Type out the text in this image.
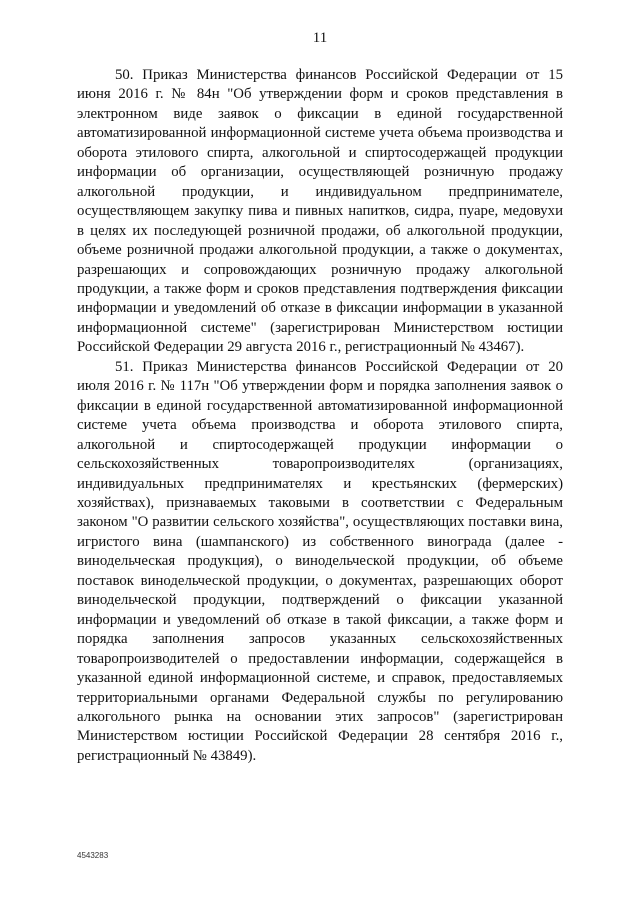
11

50. Приказ Министерства финансов Российской Федерации от 15 июня 2016 г. № 84н "Об утверждении форм и сроков представления в электронном виде заявок о фиксации в единой государственной автоматизированной информационной системе учета объема производства и оборота этилового спирта, алкогольной и спиртосодержащей продукции информации об организации, осуществляющей розничную продажу алкогольной продукции, и индивидуальном предпринимателе, осуществляющем закупку пива и пивных напитков, сидра, пуаре, медовухи в целях их последующей розничной продажи, об алкогольной продукции, объеме розничной продажи алкогольной продукции, а также о документах, разрешающих и сопровождающих розничную продажу алкогольной продукции, а также форм и сроков представления подтверждения фиксации информации и уведомлений об отказе в фиксации информации в указанной информационной системе" (зарегистрирован Министерством юстиции Российской Федерации 29 августа 2016 г., регистрационный № 43467).

51. Приказ Министерства финансов Российской Федерации от 20 июля 2016 г. № 117н "Об утверждении форм и порядка заполнения заявок о фиксации в единой государственной автоматизированной информационной системе учета объема производства и оборота этилового спирта, алкогольной и спиртосодержащей продукции информации о сельскохозяйственных товаропроизводителях (организациях, индивидуальных предпринимателях и крестьянских (фермерских) хозяйствах), признаваемых таковыми в соответствии с Федеральным законом "О развитии сельского хозяйства", осуществляющих поставки вина, игристого вина (шампанского) из собственного винограда (далее - винодельческая продукция), о винодельческой продукции, об объеме поставок винодельческой продукции, о документах, разрешающих оборот винодельческой продукции, подтверждений о фиксации указанной информации и уведомлений об отказе в такой фиксации, а также форм и порядка заполнения запросов указанных сельскохозяйственных товаропроизводителей о предоставлении информации, содержащейся в указанной единой информационной системе, и справок, предоставляемых территориальными органами Федеральной службы по регулированию алкогольного рынка на основании этих запросов" (зарегистрирован Министерством юстиции Российской Федерации 28 сентября 2016 г., регистрационный № 43849).

4543283
